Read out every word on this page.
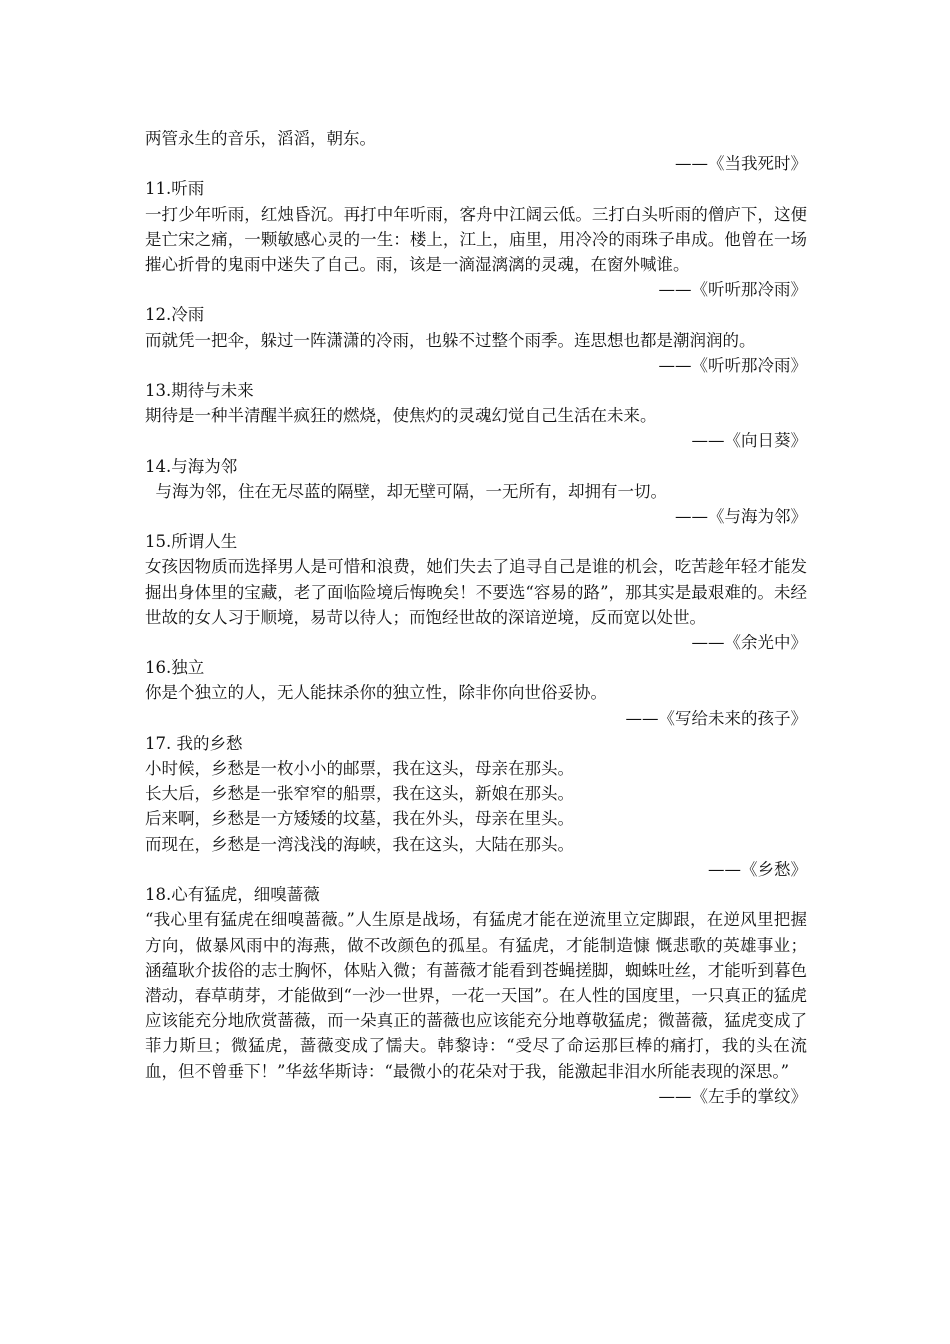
两管永生的音乐，滔滔，朝东。
——《当我死时》
11.听雨
一打少年听雨，红烛昏沉。再打中年听雨，客舟中江阔云低。三打白头听雨的僧庐下，这便是亡宋之痛，一颗敏感心灵的一生：楼上，江上，庙里，用冷冷的雨珠子串成。他曾在一场摧心折骨的鬼雨中迷失了自己。雨，该是一滴湿漓漓的灵魂，在窗外喊谁。
——《听听那冷雨》
12.冷雨
而就凭一把伞，躲过一阵潇潇的冷雨，也躲不过整个雨季。连思想也都是潮润润的。
——《听听那冷雨》
13.期待与未来
期待是一种半清醒半疯狂的燃烧，使焦灼的灵魂幻觉自己生活在未来。
——《向日葵》
14.与海为邻
与海为邻，住在无尽蓝的隔壁，却无壁可隔，一无所有，却拥有一切。
——《与海为邻》
15.所谓人生
女孩因物质而选择男人是可惜和浪费，她们失去了追寻自己是谁的机会，吃苦趁年轻才能发掘出身体里的宝藏，老了面临险境后悔晚矣！不要选“容易的路”，那其实是最艰难的。未经世故的女人习于顺境，易苛以待人；而饱经世故的深谙逆境，反而宽以处世。
——《余光中》
16.独立
你是个独立的人，无人能抹杀你的独立性，除非你向世俗妥协。
——《写给未来的孩子》
17. 我的乡愁
小时候，乡愁是一枚小小的邮票，我在这头，母亲在那头。
长大后，乡愁是一张窄窄的船票，我在这头，新娘在那头。
后来啊，乡愁是一方矮矮的坟墓，我在外头，母亲在里头。
而现在，乡愁是一湾浅浅的海峡，我在这头，大陆在那头。
——《乡愁》
18.心有猛虎，细嗅蔷薇
“我心里有猛虎在细嗅蔷薇。”人生原是战场，有猛虎才能在逆流里立定脚跟，在逆风里把握方向，做暴风雨中的海燕，做不改颜色的孤星。有猛虎，才能制造慷 慨悲歌的英雄事业；涵蕴耿介拔俗的志士胸怀，体贴入微；有蔷薇才能看到苍蝇搓脚，蜘蛛吐丝，才能听到暮色潜动，春草萌芽，才能做到“一沙一世界，一花一天国”。在人性的国度里，一只真正的猛虎应该能充分地欣赏蔷薇，而一朵真正的蔷薇也应该能充分地尊敬猛虎；微蔷薇，猛虎变成了菲力斯旦；微猛虎，蔷薇变成了懦夫。韩黎诗：“受尽了命运那巨棒的痛打，我的头在流血，但不曾垂下！”华兹华斯诗：“最微小的花朵对于我，能激起非泪水所能表现的深思。”
——《左手的掌纹》
